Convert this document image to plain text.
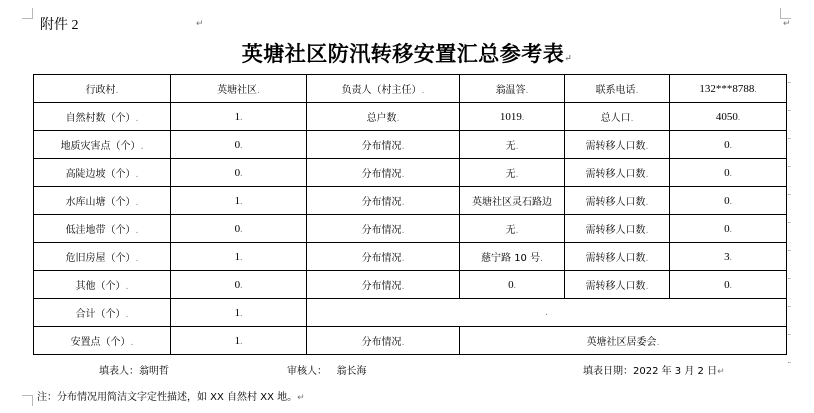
附件 2	↵	↵
英塘社区防汛转移安置汇总参考表↵
行政村.	英塘社区.	负责人（村主任）.	翁温答.	联系电话.	132***8788.
自然村数（个）.	1.	总户数.	1019.	总人口.	4050.
地质灾害点（个）.	0.	分布情况.	无.	需转移人口数.	0.
高陡边坡（个）.	0.	分布情况.	无.	需转移人口数.	0.
水库山塘（个）.	1.	分布情况.	英塘社区灵石路边	需转移人口数.	0.
低洼地带（个）.	0.	分布情况.	无.	需转移人口数.	0.
危旧房屋（个）.	1.	分布情况.	慈宁路 10 号.	需转移人口数.	3.
其他（个）.	0.	分布情况.	0.	需转移人口数.	0.
合计（个）.	1.	.			
安置点（个）.	1.	分布情况.	英塘社区居委会.		
¨
¨
¨
¨
¨
¨
¨
¨
¨
¨
¨
填表人：翁明哲	审核人： 翁长海	填表日期：2022 年 3 月 2 日↵
注：分布情况用简洁文字定性描述，如 XX 自然村 XX 地。↵
